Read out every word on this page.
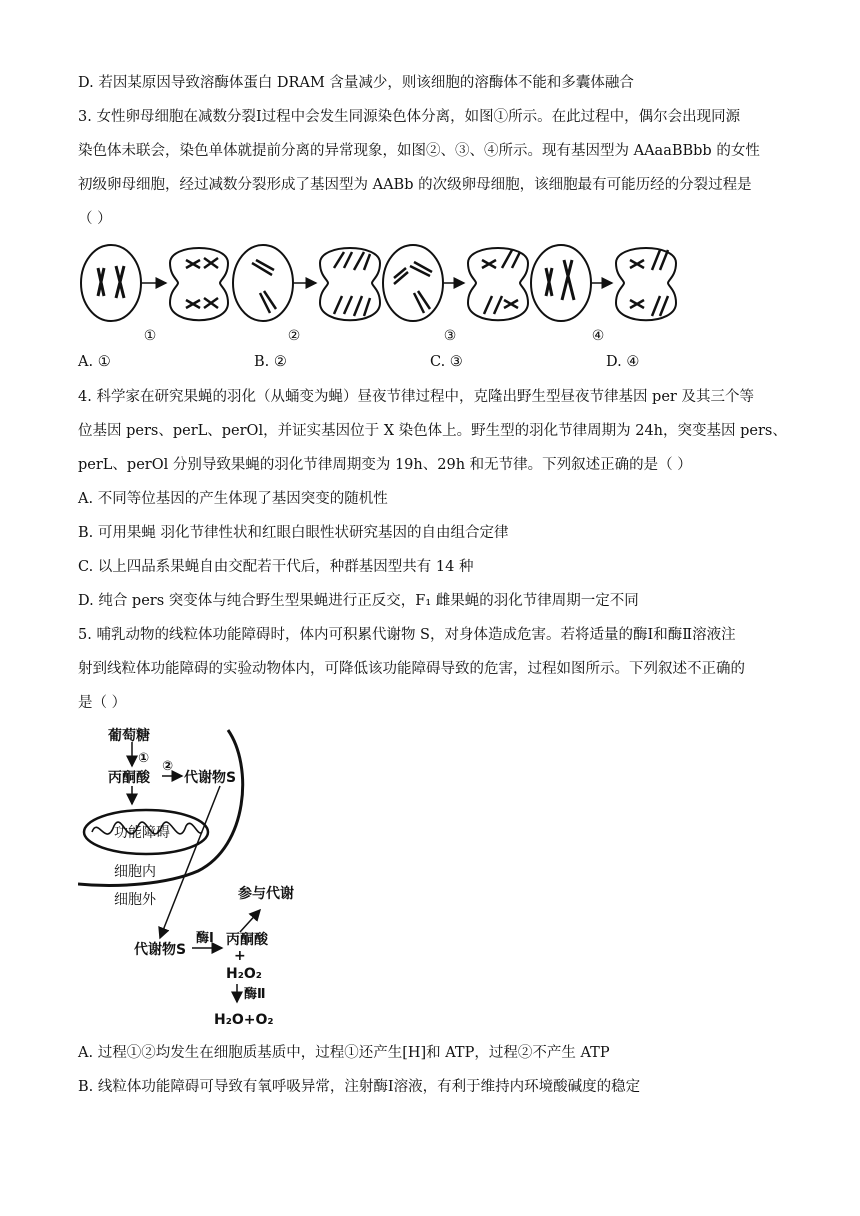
D. 若因某原因导致溶酶体蛋白 DRAM 含量减少，则该细胞的溶酶体不能和多囊体融合
3. 女性卵母细胞在减数分裂Ⅰ过程中会发生同源染色体分离，如图①所示。在此过程中，偶尔会出现同源
染色体未联会，染色单体就提前分离的异常现象，如图②、③、④所示。现有基因型为 AAaaBBbb 的女性
初级卵母细胞，经过减数分裂形成了基因型为 AABb 的次级卵母细胞，该细胞最有可能历经的分裂过程是
（ ）
①	②	③	④
A. ①	B. ②	C. ③	D. ④
4. 科学家在研究果蝇的羽化（从蛹变为蝇）昼夜节律过程中，克隆出野生型昼夜节律基因 per 及其三个等
位基因 pers、perL、perOl，并证实基因位于 X 染色体上。野生型的羽化节律周期为 24h，突变基因 pers、
perL、perOl 分别导致果蝇的羽化节律周期变为 19h、29h 和无节律。下列叙述正确的是（ ）
A. 不同等位基因的产生体现了基因突变的随机性
B. 可用果蝇 羽化节律性状和红眼白眼性状研究基因的自由组合定律
C. 以上四品系果蝇自由交配若干代后，种群基因型共有 14 种
D. 纯合 pers 突变体与纯合野生型果蝇进行正反交，F₁ 雌果蝇的羽化节律周期一定不同
5. 哺乳动物的线粒体功能障碍时，体内可积累代谢物 S，对身体造成危害。若将适量的酶Ⅰ和酶Ⅱ溶液注
射到线粒体功能障碍的实验动物体内，可降低该功能障碍导致的危害，过程如图所示。下列叙述不正确的
是（ ）
葡萄糖
①
②
丙酮酸 代谢物S
功能障碍
细胞内
细胞外	参与代谢
代谢物S
酶Ⅰ 丙酮酸
+
H₂O₂
酶Ⅱ
H₂O+O₂
A. 过程①②均发生在细胞质基质中，过程①还产生[H]和 ATP，过程②不产生 ATP
B. 线粒体功能障碍可导致有氧呼吸异常，注射酶Ⅰ溶液，有利于维持内环境酸碱度的稳定
